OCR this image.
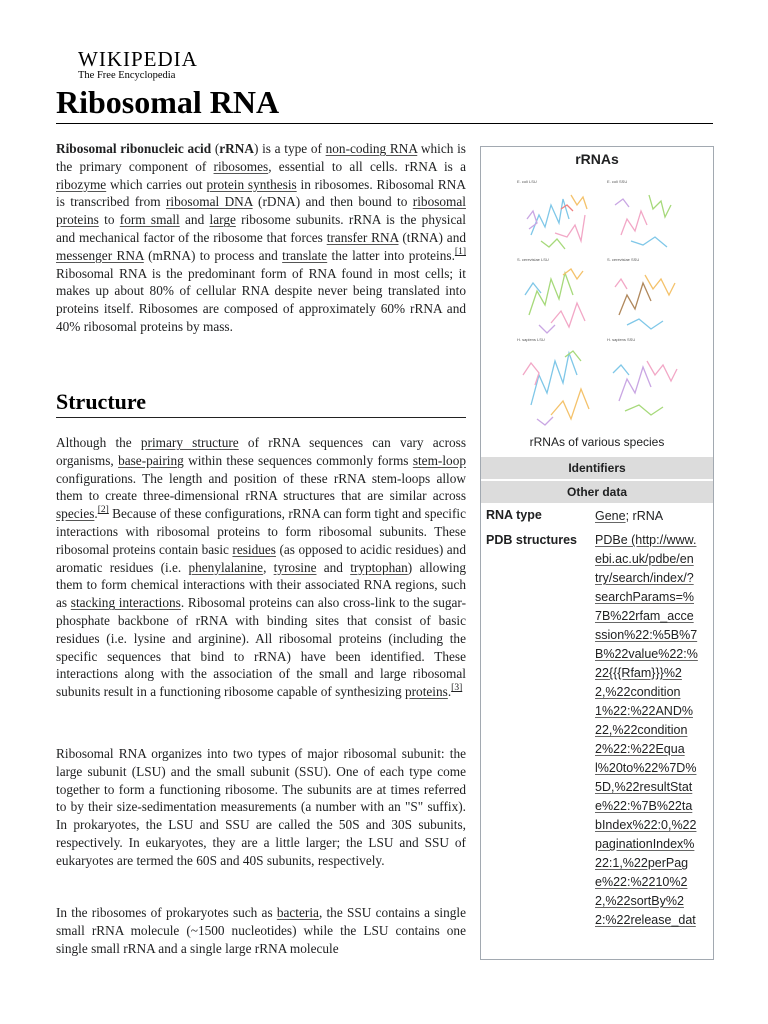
WIKIPEDIA
The Free Encyclopedia
Ribosomal RNA

Ribosomal ribonucleic acid (rRNA) is a type of non-coding RNA which is the primary component of ribosomes, essential to all cells. rRNA is a ribozyme which carries out protein synthesis in ribosomes. Ribosomal RNA is transcribed from ribosomal DNA (rDNA) and then bound to ribosomal proteins to form small and large ribosome subunits. rRNA is the physical and mechanical factor of the ribosome that forces transfer RNA (tRNA) and messenger RNA (mRNA) to process and translate the latter into proteins.[1] Ribosomal RNA is the predominant form of RNA found in most cells; it makes up about 80% of cellular RNA despite never being translated into proteins itself. Ribosomes are composed of approximately 60% rRNA and 40% ribosomal proteins by mass.

Structure

Although the primary structure of rRNA sequences can vary across organisms, base-pairing within these sequences commonly forms stem-loop configurations. The length and position of these rRNA stem-loops allow them to create three-dimensional rRNA structures that are similar across species.[2] Because of these configurations, rRNA can form tight and specific interactions with ribosomal proteins to form ribosomal subunits. These ribosomal proteins contain basic residues (as opposed to acidic residues) and aromatic residues (i.e. phenylalanine, tyrosine and tryptophan) allowing them to form chemical interactions with their associated RNA regions, such as stacking interactions. Ribosomal proteins can also cross-link to the sugar-phosphate backbone of rRNA with binding sites that consist of basic residues (i.e. lysine and arginine). All ribosomal proteins (including the specific sequences that bind to rRNA) have been identified. These interactions along with the association of the small and large ribosomal subunits result in a functioning ribosome capable of synthesizing proteins.[3]

Ribosomal RNA organizes into two types of major ribosomal subunit: the large subunit (LSU) and the small subunit (SSU). One of each type come together to form a functioning ribosome. The subunits are at times referred to by their size-sedimentation measurements (a number with an "S" suffix). In prokaryotes, the LSU and SSU are called the 50S and 30S subunits, respectively. In eukaryotes, they are a little larger; the LSU and SSU of eukaryotes are termed the 60S and 40S subunits, respectively.

In the ribosomes of prokaryotes such as bacteria, the SSU contains a single small rRNA molecule (~1500 nucleotides) while the LSU contains one single small rRNA and a single large rRNA molecule

rRNAs
E. coli LSU	E. coli SSU
S. cerevisiae LSU	S. cerevisiae SSU
H. sapiens LSU	H. sapiens SSU
rRNAs of various species
Identifiers
Other data
RNA type	Gene; rRNA
PDB structures PDBe (http://www.
ebi.ac.uk/pdbe/en
try/search/index/?
searchParams=%
7B%22rfam_acce
ssion%22:%5B%7
B%22value%22:%
22{{{Rfam}}}%2
2,%22condition
1%22:%22AND%
22,%22condition
2%22:%22Equa
l%20to%22%7D%
5D,%22resultStat
e%22:%7B%22ta
bIndex%22:0,%22
paginationIndex%
22:1,%22perPag
e%22:%2210%2
2,%22sortBy%2
2:%22release_dat
